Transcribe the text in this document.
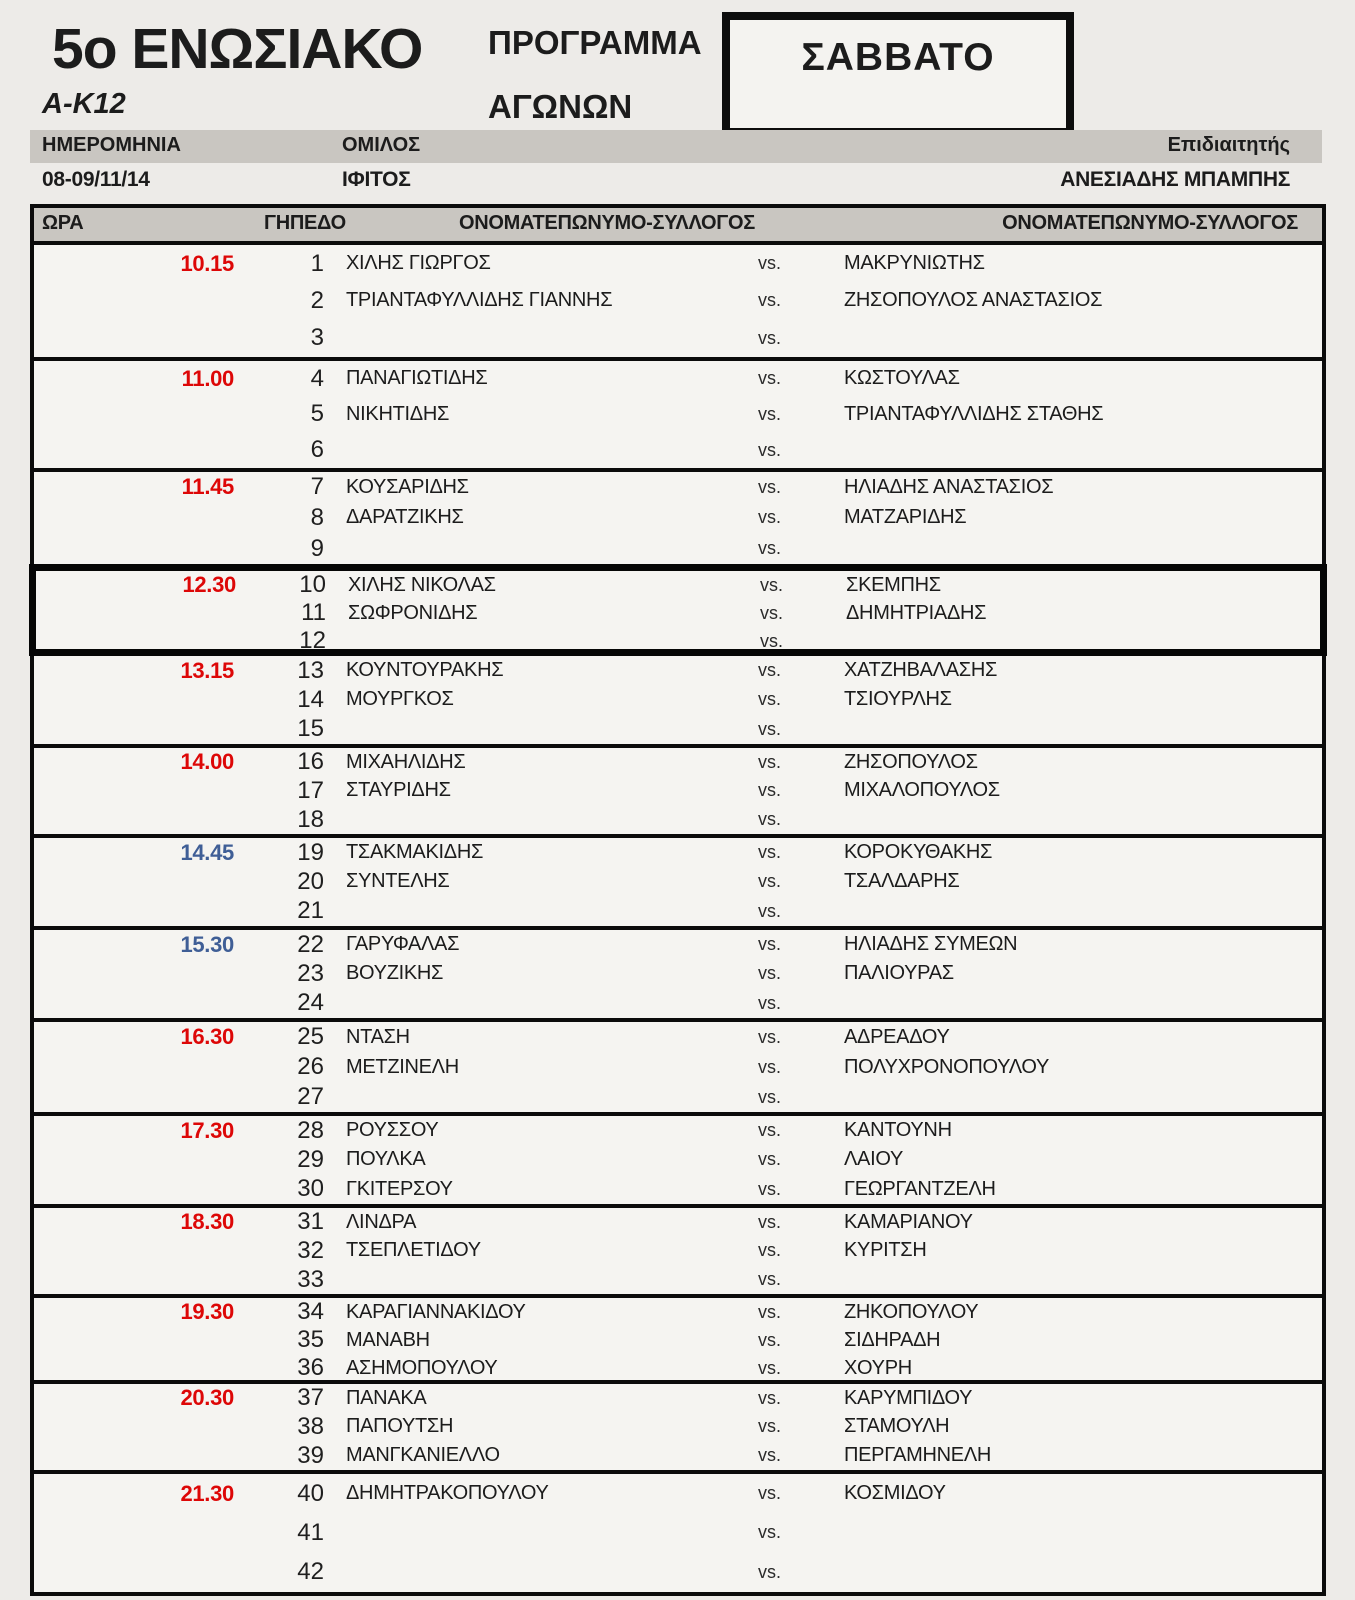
5ο ΕΝΩΣΙΑΚΟ
A-K12
ΠΡΟΓΡΑΜΜΑ
ΑΓΩΝΩΝ
ΣΑΒΒΑΤΟ
ΗΜΕΡΟΜΗΝΙΑ	ΟΜΙΛΟΣ	Επιδιαιτητής
08-09/11/14	ΙΦΙΤΟΣ	ΑΝΕΣΙΑΔΗΣ ΜΠΑΜΠΗΣ
ΩΡΑ	ΓΗΠΕΔΟ	ΟΝΟΜΑΤΕΠΩΝΥΜΟ-ΣΥΛΛΟΓΟΣ	ΟΝΟΜΑΤΕΠΩΝΥΜΟ-ΣΥΛΛΟΓΟΣ
10.15	1 ΧΙΛΗΣ ΓΙΩΡΓΟΣ	vs.	ΜΑΚΡΥΝΙΩΤΗΣ
2 ΤΡΙΑΝΤΑΦΥΛΛΙΔΗΣ ΓΙΑΝΝΗΣ	vs.	ΖΗΣΟΠΟΥΛΟΣ ΑΝΑΣΤΑΣΙΟΣ
3	vs.
11.00	4 ΠΑΝΑΓΙΩΤΙΔΗΣ	vs.	ΚΩΣΤΟΥΛΑΣ
5 ΝΙΚΗΤΙΔΗΣ	vs.	ΤΡΙΑΝΤΑΦΥΛΛΙΔΗΣ ΣΤΑΘΗΣ
6	vs.
11.45	7 ΚΟΥΣΑΡΙΔΗΣ	vs.	ΗΛΙΑΔΗΣ ΑΝΑΣΤΑΣΙΟΣ
8 ΔΑΡΑΤΖΙΚΗΣ	vs.	ΜΑΤΖΑΡΙΔΗΣ
9	vs.
12.30	10 ΧΙΛΗΣ ΝΙΚΟΛΑΣ	vs.	ΣΚΕΜΠΗΣ
11 ΣΩΦΡΟΝΙΔΗΣ	vs.	ΔΗΜΗΤΡΙΑΔΗΣ
12	vs.
13.15	13 ΚΟΥΝΤΟΥΡΑΚΗΣ	vs.	ΧΑΤΖΗΒΑΛΑΣΗΣ
14 ΜΟΥΡΓΚΟΣ	vs.	ΤΣΙΟΥΡΛΗΣ
15	vs.
14.00	16 ΜΙΧΑΗΛΙΔΗΣ	vs.	ΖΗΣΟΠΟΥΛΟΣ
17 ΣΤΑΥΡΙΔΗΣ	vs.	ΜΙΧΑΛΟΠΟΥΛΟΣ
18	vs.
14.45	19 ΤΣΑΚΜΑΚΙΔΗΣ	vs.	ΚΟΡΟΚΥΘΑΚΗΣ
20 ΣΥΝΤΕΛΗΣ	vs.	ΤΣΑΛΔΑΡΗΣ
21	vs.
15.30	22 ΓΑΡΥΦΑΛΑΣ	vs.	ΗΛΙΑΔΗΣ ΣΥΜΕΩΝ
23 ΒΟΥΖΙΚΗΣ	vs.	ΠΑΛΙΟΥΡΑΣ
24	vs.
16.30	25 ΝΤΑΣΗ	vs.	ΑΔΡΕΑΔΟΥ
26 ΜΕΤΖΙΝΕΛΗ	vs.	ΠΟΛΥΧΡΟΝΟΠΟΥΛΟΥ
27	vs.
17.30	28 ΡΟΥΣΣΟΥ	vs.	ΚΑΝΤΟΥΝΗ
29 ΠΟΥΛΚΑ	vs.	ΛΑΙΟΥ
30 ΓΚΙΤΕΡΣΟΥ	vs.	ΓΕΩΡΓΑΝΤΖΕΛΗ
18.30	31 ΛΙΝΔΡΑ	vs.	ΚΑΜΑΡΙΑΝΟΥ
32 ΤΣΕΠΛΕΤΙΔΟΥ	vs.	ΚΥΡΙΤΣΗ
33	vs.
19.30	34 ΚΑΡΑΓΙΑΝΝΑΚΙΔΟΥ	vs.	ΖΗΚΟΠΟΥΛΟΥ
35 ΜΑΝΑΒΗ	vs.	ΣΙΔΗΡΑΔΗ
36 ΑΣΗΜΟΠΟΥΛΟΥ	vs.	ΧΟΥΡΗ
20.30	37 ΠΑΝΑΚΑ	vs.	ΚΑΡΥΜΠΙΔΟΥ
38 ΠΑΠΟΥΤΣΗ	vs.	ΣΤΑΜΟΥΛΗ
39 ΜΑΝΓΚΑΝΙΕΛΛΟ	vs.	ΠΕΡΓΑΜΗΝΕΛΗ
21.30	40 ΔΗΜΗΤΡΑΚΟΠΟΥΛΟΥ	vs.	ΚΟΣΜΙΔΟΥ
41	vs.
42	vs.
